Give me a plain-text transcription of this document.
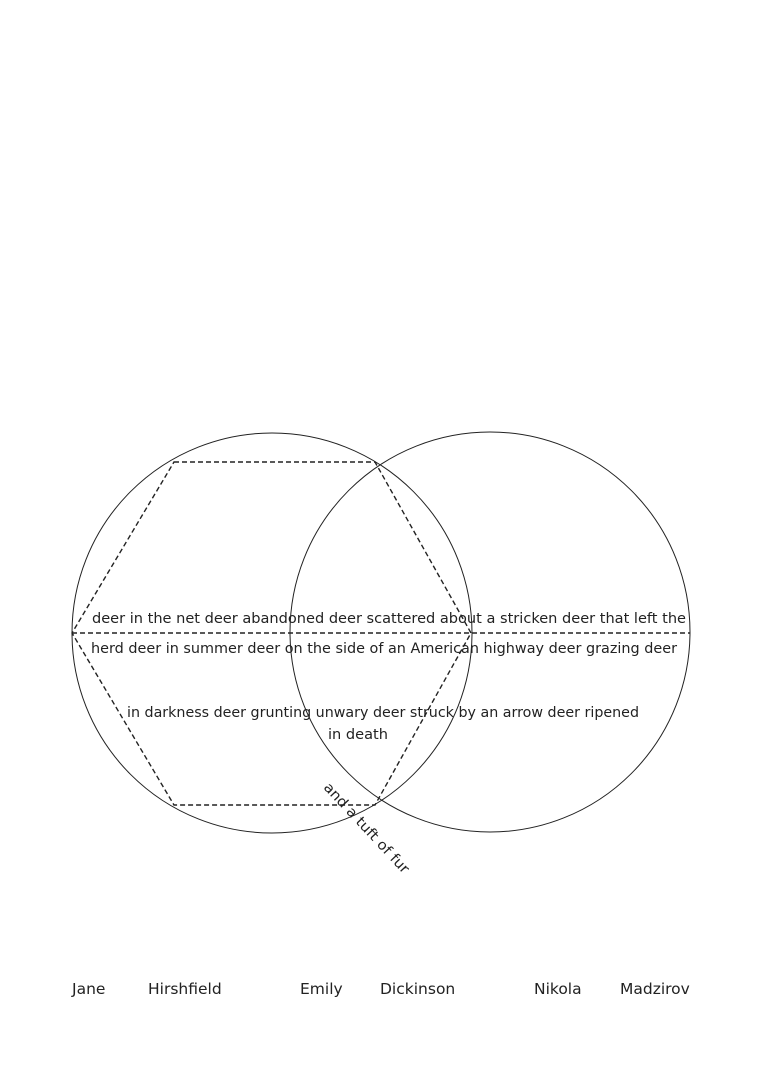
deer in the net deer abandoned deer scattered about a stricken deer that left the
herd deer in summer deer on the side of an American highway deer grazing deer
in darkness deer grunting unwary deer struck by an arrow deer ripened
in death
and a tuft of fur
Jane	Hirshfield	Emily Dickinson	Nikola Madzirov
